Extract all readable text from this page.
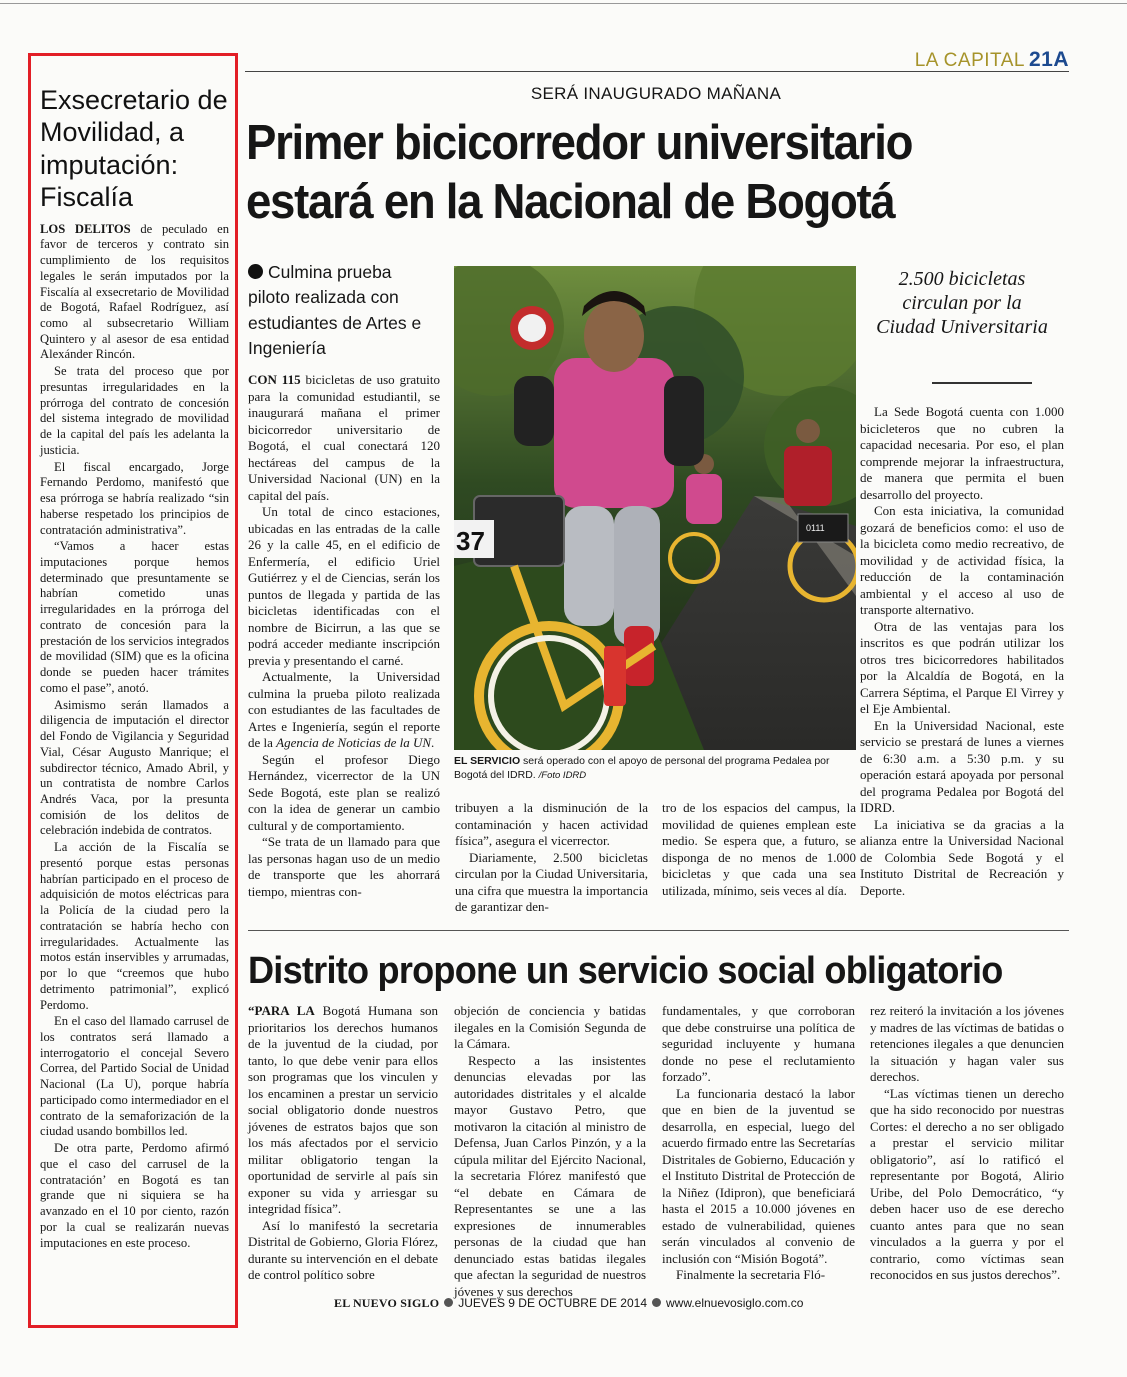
LA CAPITAL 21A
Exsecretario de Movilidad, a imputación: Fiscalía

LOS DELITOS de peculado en favor de terceros y contrato sin cumplimiento de los requisitos legales le serán imputados por la Fiscalía al exsecretario de Movilidad de Bogotá, Rafael Rodríguez, así como al subsecretario William Quintero y al asesor de esa entidad Alexánder Rincón.

Se trata del proceso que por presuntas irregularidades en la prórroga del contrato de concesión del sistema integrado de movilidad de la capital del país les adelanta la justicia.

El fiscal encargado, Jorge Fernando Perdomo, manifestó que esa prórroga se habría realizado “sin haberse respetado los principios de contratación administrativa”.

“Vamos a hacer estas imputaciones porque hemos determinado que presuntamente se habrían cometido unas irregularidades en la prórroga del contrato de concesión para la prestación de los servicios integrados de movilidad (SIM) que es la oficina donde se pueden hacer trámites como el pase”, anotó.

Asimismo serán llamados a diligencia de imputación el director del Fondo de Vigilancia y Seguridad Vial, César Augusto Manrique; el subdirector técnico, Amado Abril, y un contratista de nombre Carlos Andrés Vaca, por la presunta comisión de los delitos de celebración indebida de contratos.

La acción de la Fiscalía se presentó porque estas personas habrían participado en el proceso de adquisición de motos eléctricas para la Policía de la ciudad pero la contratación se habría hecho con irregularidades. Actualmente las motos están inservibles y arrumadas, por lo que “creemos que hubo detrimento patrimonial”, explicó Perdomo.

En el caso del llamado carrusel de los contratos será llamado a interrogatorio el concejal Severo Correa, del Partido Social de Unidad Nacional (La U), porque habría participado como intermediador en el contrato de la semaforización de la ciudad usando bombillos led.

De otra parte, Perdomo afirmó que el caso del carrusel de la contratación’ en Bogotá es tan grande que ni siquiera se ha avanzado en el 10 por ciento, razón por la cual se realizarán nuevas imputaciones en este proceso.

SERÁ INAUGURADO MAÑANA
Primer bicicorredor universitario estará en la Nacional de Bogotá
Culmina prueba piloto realizada con estudiantes de Artes e Ingeniería
0111
37
EL SERVICIO será operado con el apoyo de personal del programa Pedalea por Bogotá del IDRD. /Foto IDRD
2.500 bicicletas circulan por la Ciudad Universitaria

CON 115 bicicletas de uso gratuito para la comunidad estudiantil, se inaugurará mañana el primer bicicorredor universitario de Bogotá, el cual conectará 120 hectáreas del campus de la Universidad Nacional (UN) en la capital del país.

Un total de cinco estaciones, ubicadas en las entradas de la calle 26 y la calle 45, en el edificio de Enfermería, el edificio Uriel Gutiérrez y el de Ciencias, serán los puntos de llegada y partida de las bicicletas identificadas con el nombre de Bicirrun, a las que se podrá acceder mediante inscripción previa y presentando el carné.

Actualmente, la Universidad culmina la prueba piloto realizada con estudiantes de las facultades de Artes e Ingeniería, según el reporte de la Agencia de Noticias de la UN.

Según el profesor Diego Hernández, vicerrector de la UN Sede Bogotá, este plan se realizó con la idea de generar un cambio cultural y de comportamiento.

“Se trata de un llamado para que las personas hagan uso de un medio de transporte que les ahorrará tiempo, mientras con-

tribuyen a la disminución de la contaminación y hacen actividad física”, asegura el vicerrector.

Diariamente, 2.500 bicicletas circulan por la Ciudad Universitaria, una cifra que muestra la importancia de garantizar den-

tro de los espacios del campus, la movilidad de quienes emplean este medio. Se espera que, a futuro, se disponga de no menos de 1.000 bicicletas y que cada una sea utilizada, mínimo, seis veces al día.

La Sede Bogotá cuenta con 1.000 bicicleteros que no cubren la capacidad necesaria. Por eso, el plan comprende mejorar la infraestructura, de manera que permita el buen desarrollo del proyecto.

Con esta iniciativa, la comunidad gozará de beneficios como: el uso de la bicicleta como medio recreativo, de movilidad y de actividad física, la reducción de la contaminación ambiental y el acceso al uso de transporte alternativo.

Otra de las ventajas para los inscritos es que podrán utilizar los otros tres bicicorredores habilitados por la Alcaldía de Bogotá, en la Carrera Séptima, el Parque El Virrey y el Eje Ambiental.

En la Universidad Nacional, este servicio se prestará de lunes a viernes de 6:30 a.m. a 5:30 p.m. y su operación estará apoyada por personal del programa Pedalea por Bogotá del IDRD.

La iniciativa se da gracias a la alianza entre la Universidad Nacional de Colombia Sede Bogotá y el Instituto Distrital de Recreación y Deporte.

Distrito propone un servicio social obligatorio

“PARA LA Bogotá Humana son prioritarios los derechos humanos de la juventud de la ciudad, por tanto, lo que debe venir para ellos son programas que los vinculen y los encaminen a prestar un servicio social obligatorio donde nuestros jóvenes de estratos bajos que son los más afectados por el servicio militar obligatorio tengan la oportunidad de servirle al país sin exponer su vida y arriesgar su integridad física”.

Así lo manifestó la secretaria Distrital de Gobierno, Gloria Flórez, durante su intervención en el debate de control político sobre

objeción de conciencia y batidas ilegales en la Comisión Segunda de la Cámara.

Respecto a las insistentes denuncias elevadas por las autoridades distritales y el alcalde mayor Gustavo Petro, que motivaron la citación al ministro de Defensa, Juan Carlos Pinzón, y a la cúpula militar del Ejército Nacional, la secretaria Flórez manifestó que “el debate en Cámara de Representantes se une a las expresiones de innumerables personas de la ciudad que han denunciado estas batidas ilegales que afectan la seguridad de nuestros jóvenes y sus derechos

fundamentales, y que corroboran que debe construirse una política de seguridad incluyente y humana donde no pese el reclutamiento forzado”.

La funcionaria destacó la labor que en bien de la juventud se desarrolla, en especial, luego del acuerdo firmado entre las Secretarías Distritales de Gobierno, Educación y el Instituto Distrital de Protección de la Niñez (Idipron), que beneficiará hasta el 2015 a 10.000 jóvenes en estado de vulnerabilidad, quienes serán vinculados al convenio de inclusión con “Misión Bogotá”.

Finalmente la secretaria Fló-

rez reiteró la invitación a los jóvenes y madres de las víctimas de batidas o retenciones ilegales a que denuncien la situación y hagan valer sus derechos.

“Las víctimas tienen un derecho que ha sido reconocido por nuestras Cortes: el derecho a no ser obligado a prestar el servicio militar obligatorio”, así lo ratificó el representante por Bogotá, Alirio Uribe, del Polo Democrático, “y deben hacer uso de ese derecho cuanto antes para que no sean vinculados a la guerra y por el contrario, como víctimas sean reconocidos en sus justos derechos”.

EL NUEVO SIGLO JUEVES 9 DE OCTUBRE DE 2014 www.elnuevosiglo.com.co
